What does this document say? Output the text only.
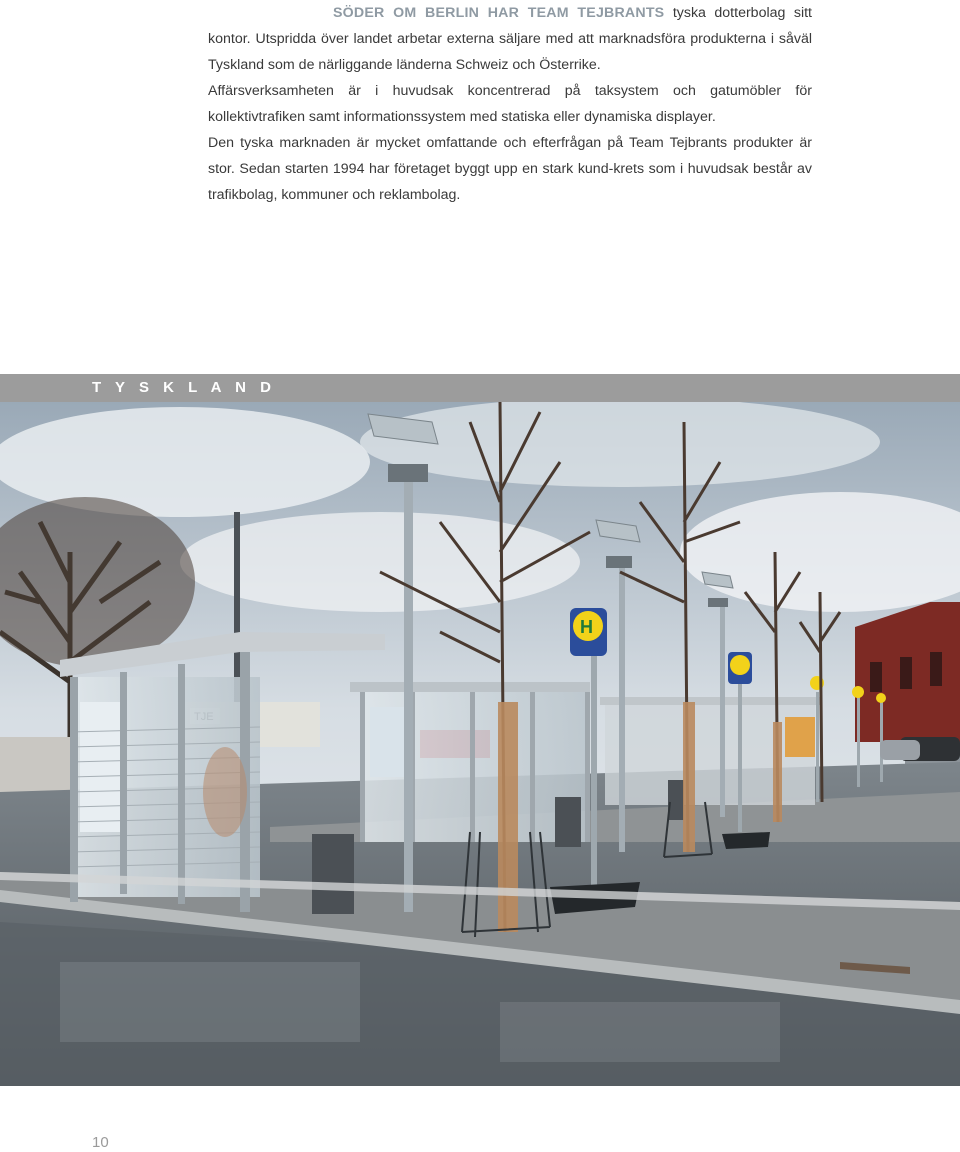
SÖDER OM BERLIN HAR TEAM TEJBRANTS tyska dotterbolag sitt kontor. Utspridda över landet arbetar externa säljare med att marknadsföra produkterna i såväl Tyskland som de närliggande länderna Schweiz och Österrike.

Affärsverksamheten är i huvudsak koncentrerad på taksystem och gatumöbler för kollektivtrafiken samt informationssystem med statiska eller dynamiska displayer.

Den tyska marknaden är mycket omfattande och efterfrågan på Team Tejbrants produkter är stor. Sedan starten 1994 har företaget byggt upp en stark kund-krets som i huvudsak består av trafikbolag, kommuner och reklambolag.

T Y S K L A N D
H
10
